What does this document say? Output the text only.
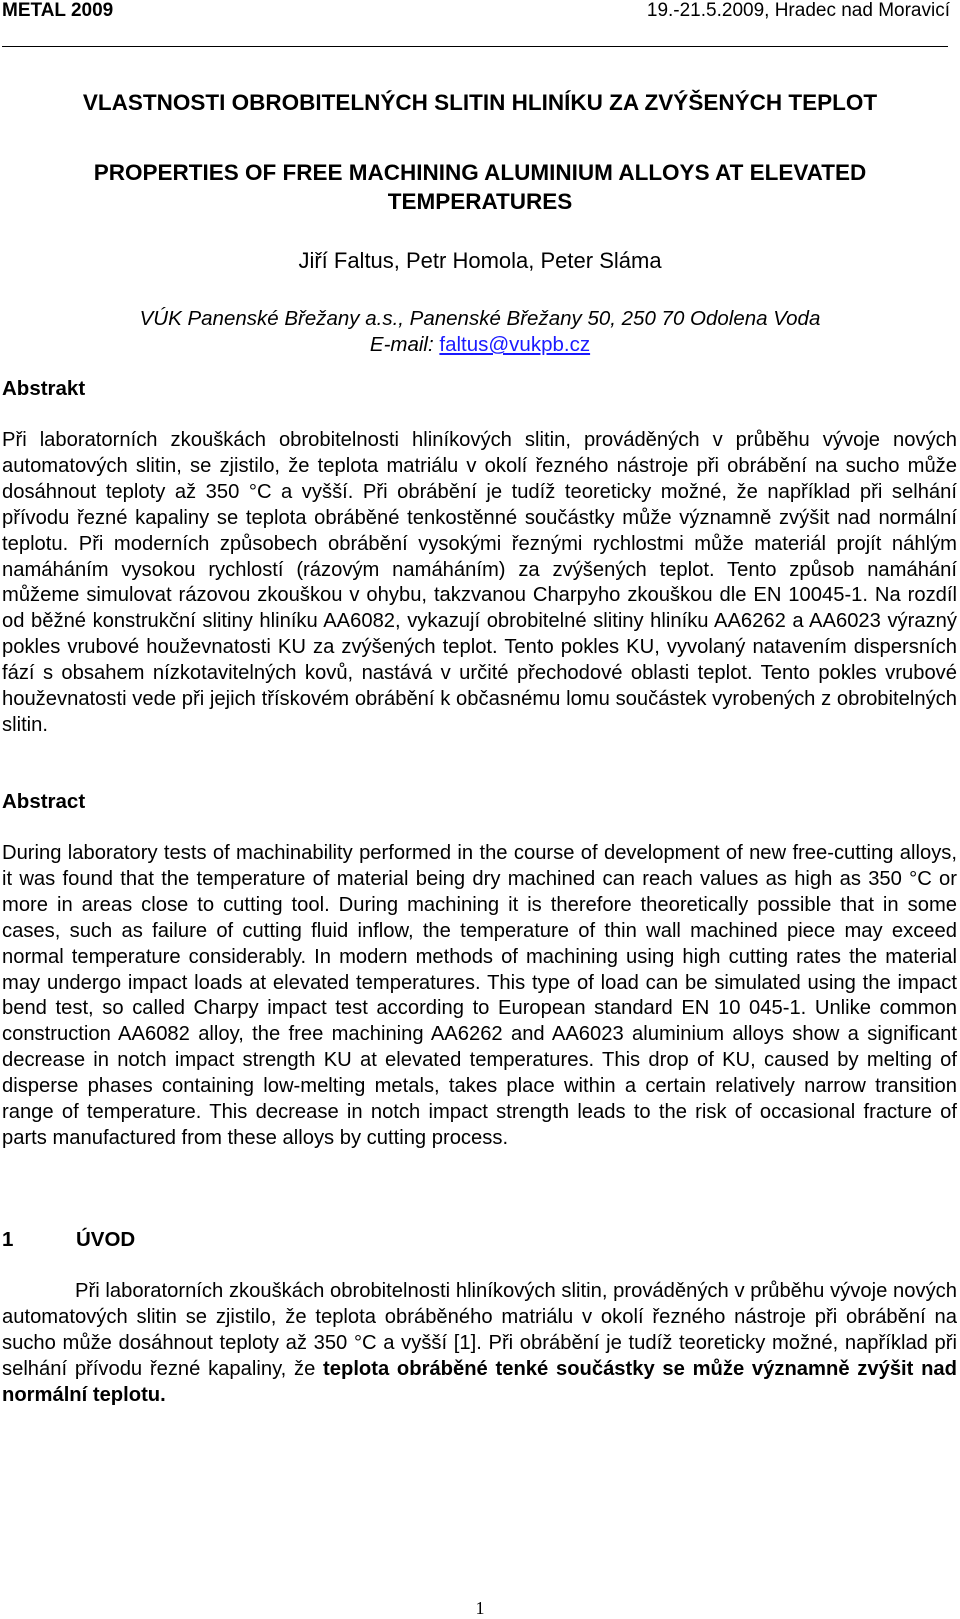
METAL 2009	19.-21.5.2009, Hradec nad Moravicí
VLASTNOSTI OBROBITELNÝCH SLITIN HLINÍKU ZA ZVÝŠENÝCH TEPLOT
PROPERTIES OF FREE MACHINING ALUMINIUM ALLOYS AT ELEVATED TEMPERATURES
Jiří Faltus, Petr Homola, Peter Sláma
VÚK Panenské Břežany a.s., Panenské Břežany 50, 250 70 Odolena Voda
E-mail: faltus@vukpb.cz
Abstrakt

Při laboratorních zkouškách obrobitelnosti hliníkových slitin, prováděných v průběhu vývoje nových automatových slitin, se zjistilo, že teplota matriálu v okolí řezného nástroje při obrábění na sucho může dosáhnout teploty až 350 °C a vyšší. Při obrábění je tudíž teoreticky možné, že například při selhání přívodu řezné kapaliny se teplota obráběné tenkostěnné součástky může významně zvýšit nad normální teplotu. Při moderních způsobech obrábění vysokými řeznými rychlostmi může materiál projít náhlým namáháním vysokou rychlostí (rázovým namáháním) za zvýšených teplot. Tento způsob namáhání můžeme simulovat rázovou zkouškou v ohybu, takzvanou Charpyho zkouškou dle EN 10045-1. Na rozdíl od běžné konstrukční slitiny hliníku AA6082, vykazují obrobitelné slitiny hliníku AA6262 a AA6023 výrazný pokles vrubové houževnatosti KU za zvýšených teplot. Tento pokles KU, vyvolaný natavením dispersních fází s obsahem nízkotavitelných kovů, nastává v určité přechodové oblasti teplot. Tento pokles vrubové houževnatosti vede při jejich třískovém obrábění k občasnému lomu součástek vyrobených z obrobitelných slitin.

Abstract

During laboratory tests of machinability performed in the course of development of new free-cutting alloys, it was found that the temperature of material being dry machined can reach values as high as 350 °C or more in areas close to cutting tool. During machining it is therefore theoretically possible that in some cases, such as failure of cutting fluid inflow, the temperature of thin wall machined piece may exceed normal temperature considerably. In modern methods of machining using high cutting rates the material may undergo impact loads at elevated temperatures. This type of load can be simulated using the impact bend test, so called Charpy impact test according to European standard EN 10 045-1. Unlike common construction AA6082 alloy, the free machining AA6262 and AA6023 aluminium alloys show a significant decrease in notch impact strength KU at elevated temperatures. This drop of KU, caused by melting of disperse phases containing low-melting metals, takes place within a certain relatively narrow transition range of temperature. This decrease in notch impact strength leads to the risk of occasional fracture of parts manufactured from these alloys by cutting process.

1	ÚVOD

Při laboratorních zkouškách obrobitelnosti hliníkových slitin, prováděných v průběhu vývoje nových automatových slitin se zjistilo, že teplota obráběného matriálu v okolí řezného nástroje při obrábění na sucho může dosáhnout teploty až 350 °C a vyšší [1]. Při obrábění je tudíž teoreticky možné, například při selhání přívodu řezné kapaliny, že teplota obráběné tenké součástky se může významně zvýšit nad normální teplotu.

1
